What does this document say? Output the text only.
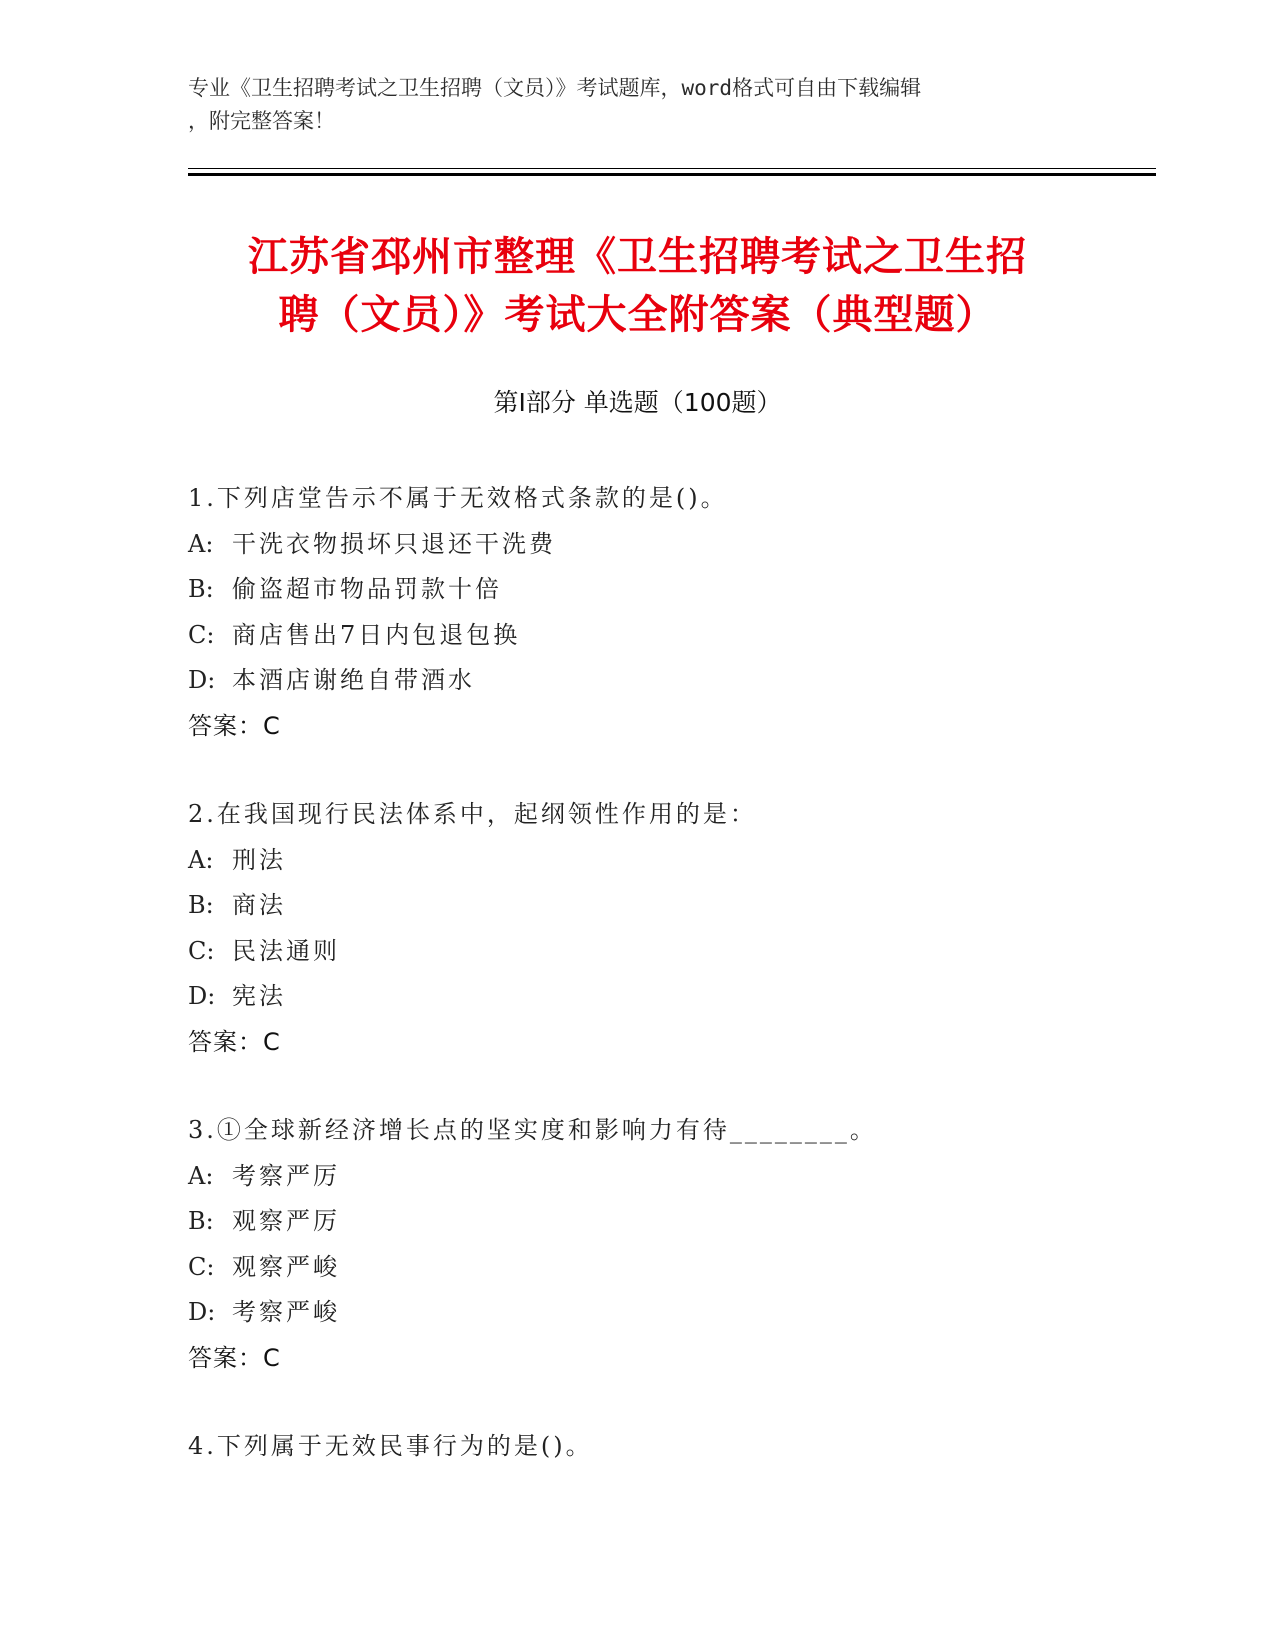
专业《卫生招聘考试之卫生招聘（文员）》考试题库，word格式可自由下载编辑
，附完整答案！
江苏省邳州市整理《卫生招聘考试之卫生招
聘（文员）》考试大全附答案（典型题）
第Ⅰ部分 单选题（100题）
1.下列店堂告示不属于无效格式条款的是()。
A: 干洗衣物损坏只退还干洗费
B: 偷盗超市物品罚款十倍
C: 商店售出7日内包退包换
D: 本酒店谢绝自带酒水
答案：C
2.在我国现行民法体系中，起纲领性作用的是：
A: 刑法
B: 商法
C: 民法通则
D: 宪法
答案：C
3.①全球新经济增长点的坚实度和影响力有待________。
A: 考察严厉
B: 观察严厉
C: 观察严峻
D: 考察严峻
答案：C
4.下列属于无效民事行为的是()。
